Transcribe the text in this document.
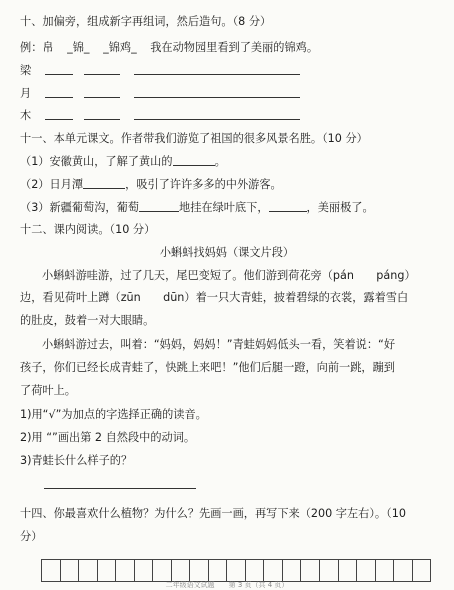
十、加偏旁，组成新字再组词，然后造句。（8 分）
例：帛 _锦_ _锦鸡_ 我在动物园里看到了美丽的锦鸡。
梁
月
木
十一、本单元课文。作者带我们游览了祖国的很多风景名胜。（10 分）
（1）安徽黄山，了解了黄山的	。
（2）日月潭	，吸引了许许多多的中外游客。
（3）新疆葡萄沟，葡萄	地挂在绿叶底下，	，美丽极了。
十二、课内阅读。（10 分）
小蝌蚪找妈妈（课文片段）
小蝌蚪游哇游，过了几天，尾巴变短了。他们游到荷花旁（pán　　páng）
边，看见荷叶上蹲（zūn　　dūn）着一只大青蛙，披着碧绿的衣裳，露着雪白
的肚皮，鼓着一对大眼睛。
小蝌蚪游过去，叫着：“妈妈，妈妈！”青蛙妈妈低头一看，笑着说：“好
孩子，你们已经长成青蛙了，快跳上来吧！”他们后腿一蹬，向前一跳，蹦到
了荷叶上。
1)用“√”为加点的字选择正确的读音。
2)用 “”画出第 2 自然段中的动词。
3)青蛙长什么样子的？
十四、你最喜欢什么植物？为什么？先画一画，再写下来（200 字左右）。（10
分）
二年级语文试题　　第 3 页（共 4 页）
